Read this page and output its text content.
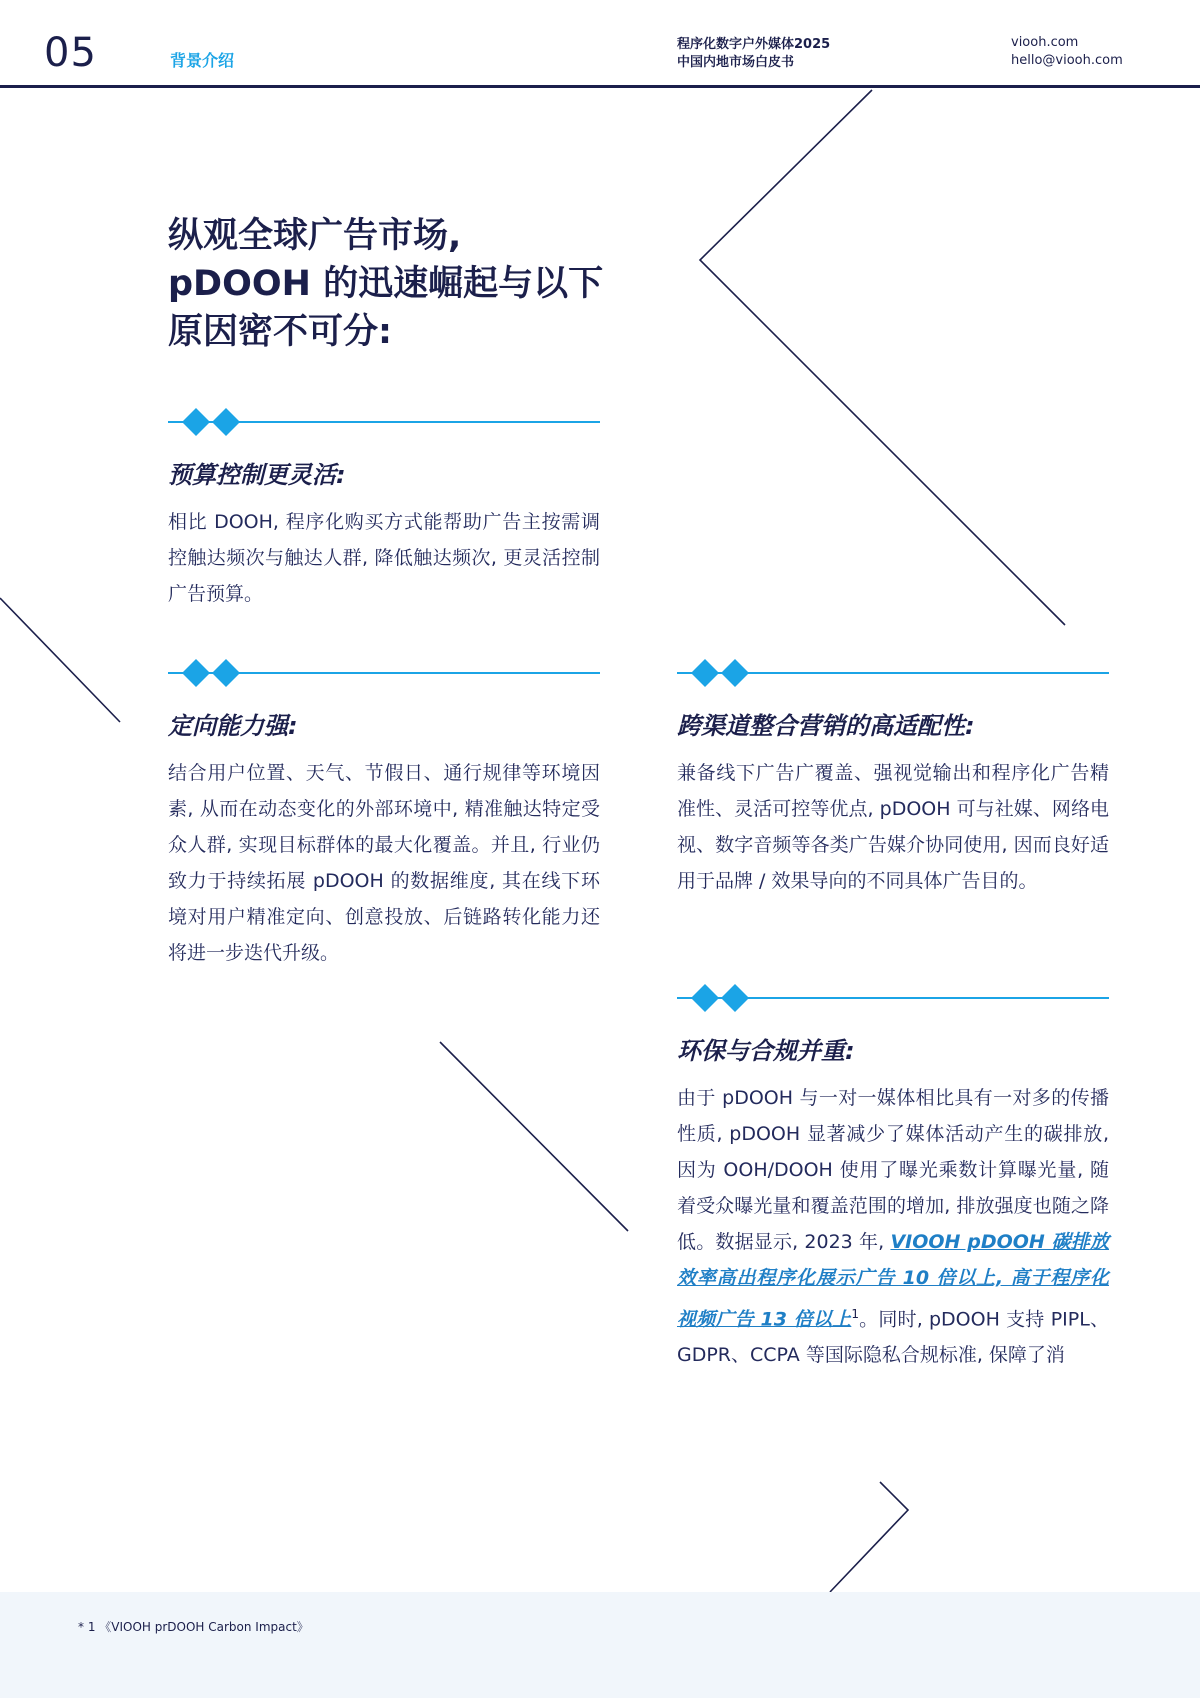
05	背景介绍
程序化数字户外媒体2025
中国内地市场白皮书
viooh.com
hello@viooh.com
纵观全球广告市场,
pDOOH 的迅速崛起与以下
原因密不可分:
预算控制更灵活:

相比 DOOH, 程序化购买方式能帮助广告主按需调控触达频次与触达人群, 降低触达频次, 更灵活控制广告预算。

定向能力强:

结合用户位置、天气、节假日、通行规律等环境因素, 从而在动态变化的外部环境中, 精准触达特定受众人群, 实现目标群体的最大化覆盖。并且, 行业仍致力于持续拓展 pDOOH 的数据维度, 其在线下环境对用户精准定向、创意投放、后链路转化能力还将进一步迭代升级。

跨渠道整合营销的高适配性:

兼备线下广告广覆盖、强视觉输出和程序化广告精准性、灵活可控等优点, pDOOH 可与社媒、网络电视、数字音频等各类广告媒介协同使用, 因而良好适用于品牌 / 效果导向的不同具体广告目的。

环保与合规并重:

由于 pDOOH 与一对一媒体相比具有一对多的传播性质, pDOOH 显著减少了媒体活动产生的碳排放, 因为 OOH/DOOH 使用了曝光乘数计算曝光量, 随着受众曝光量和覆盖范围的增加, 排放强度也随之降低。数据显示, 2023 年, VIOOH pDOOH 碳排放效率高出程序化展示广告 10 倍以上, 高于程序化视频广告 13 倍以上$^1$。同时, pDOOH 支持 PIPL、GDPR、CCPA 等国际隐私合规标准, 保障了消

* 1 《VIOOH prDOOH Carbon Impact》
